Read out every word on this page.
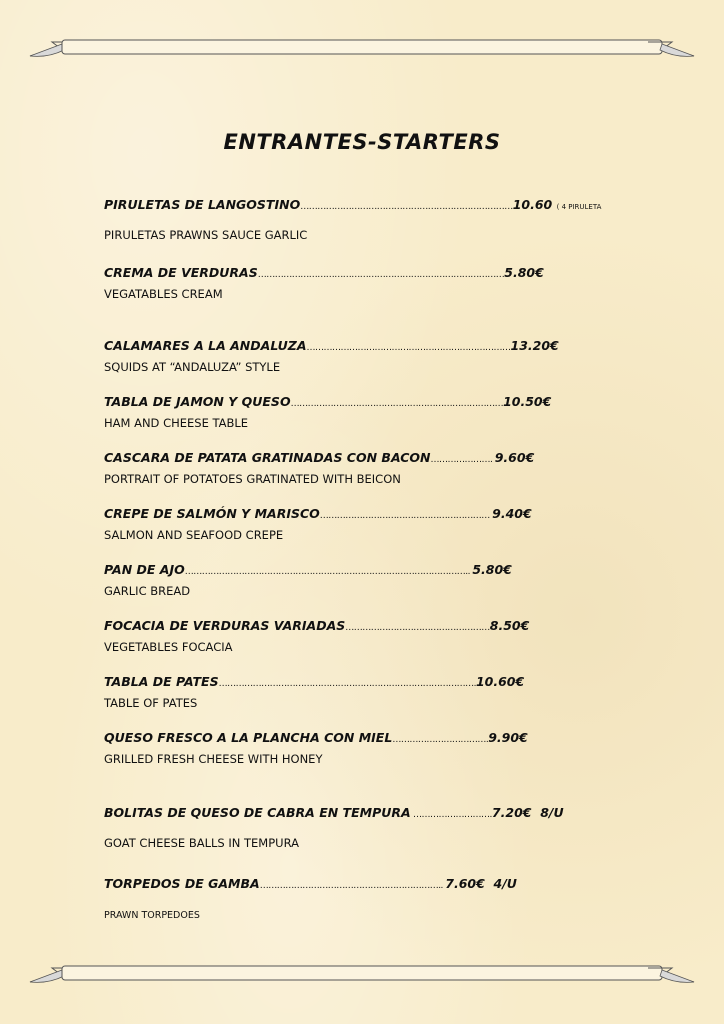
ENTRANTES-STARTERS
PIRULETAS DE LANGOSTINO…………………………………………………………………10.60 ( 4 PIRULETA
PIRULETAS PRAWNS SAUCE GARLIC
CREMA DE VERDURAS……………………………………………………………………………5.80€
VEGATABLES CREAM
CALAMARES A LA ANDALUZA………………………………………………………………13.20€
SQUIDS AT “ANDALUZA” STYLE
TABLA DE JAMON Y QUESO…………………………………………………………………10.50€
HAM AND CHEESE TABLE
CASCARA DE PATATA GRATINADAS CON BACON…………………. 9.60€
PORTRAIT OF POTATOES GRATINATED WITH BEICON
CREPE DE SALMÓN Y MARISCO…………………………………………………… 9.40€
SALMON AND SEAFOOD CREPE
PAN DE AJO……………………………………………………………………………………….. 5.80€
GARLIC BREAD
FOCACIA DE VERDURAS VARIADAS……………………………………………8.50€
VEGETABLES FOCACIA
TABLA DE PATES……………………………………………………………………………….10.60€
TABLE OF PATES
QUESO FRESCO A LA PLANCHA CON MIEL…………………………….9.90€
GRILLED FRESH CHEESE WITH HONEY
BOLITAS DE QUESO DE CABRA EN TEMPURA ……………………….7.20€ 8/U
GOAT CHEESE BALLS IN TEMPURA
TORPEDOS DE GAMBA……………………………………………………….. 7.60€ 4/U
PRAWN TORPEDOES
